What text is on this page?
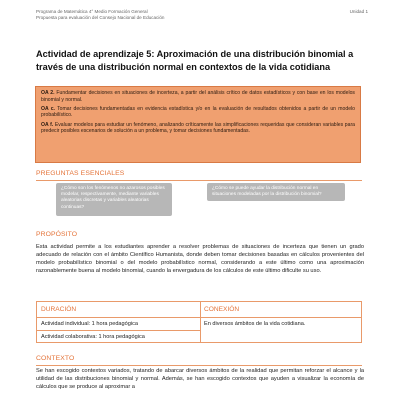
Programa de Matemática 4° Medio Formación General
Propuesta para evaluación del Consejo Nacional de Educación
Unidad 1
Actividad de aprendizaje 5: Aproximación de una distribución binomial a través de una distribución normal en contextos de la vida cotidiana

OA 2. Fundamentar decisiones en situaciones de incerteza, a partir del análisis crítico de datos estadísticos y con base en los modelos binomial y normal.

OA c. Tomar decisiones fundamentadas en evidencia estadística y/o en la evaluación de resultados obtenidos a partir de un modelo probabilístico.

OA f. Evaluar modelos para estudiar un fenómeno, analizando críticamente las simplificaciones requeridas que consideran variables para predecir posibles escenarios de solución a un problema, y tomar decisiones fundamentadas.

PREGUNTAS ESENCIALES
¿Cómo son los fenómenos no azarosos posibles modelar, respectivamente, mediante variables aleatorias discretas y variables aleatorias continuas?
¿Cómo se puede ayudar la distribución normal en situaciones modeladas por la distribución binomial?
PROPÓSITO
Esta actividad permite a los estudiantes aprender a resolver problemas de situaciones de incerteza que tienen un grado adecuado de relación con el ámbito Científico Humanista, donde deben tomar decisiones basadas en cálculos provenientes del modelo probabilístico binomial o del modelo probabilístico normal, considerando a este último como una aproximación razonablemente buena al modelo binomial, cuando la envergadura de los cálculos de este último dificulte su uso.
DURACIÓN	CONEXIÓN
Actividad individual: 1 hora pedagógica
Actividad colaborativa: 1 hora pedagógica
En diversos ámbitos de la vida cotidiana.
CONTEXTO
Se han escogido contextos variados, tratando de abarcar diversos ámbitos de la realidad que permitan reforzar el alcance y la utilidad de las distribuciones binomial y normal. Además, se han escogido contextos que ayuden a visualizar la economía de cálculos que se produce al aproximar a
